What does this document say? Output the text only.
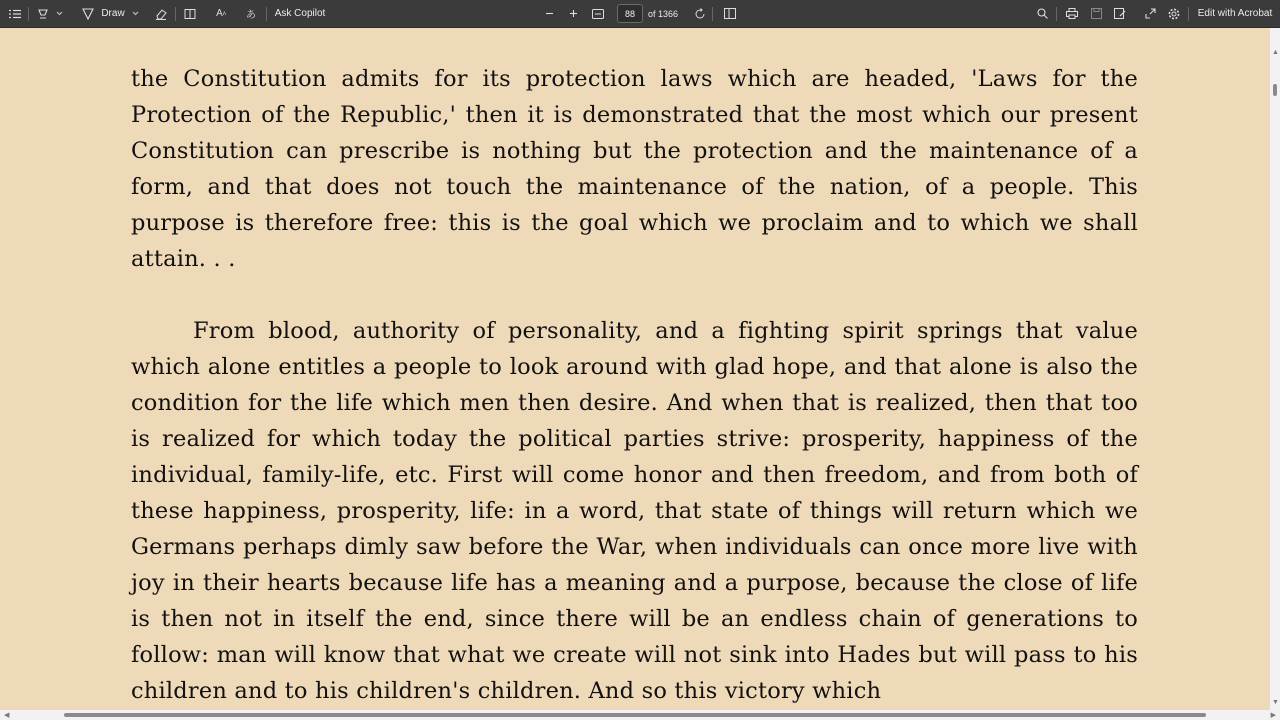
Draw	A ʌ	あ	Ask Copilot	88	of 1366	Edit with Acrobat

the Constitution admits for its protection laws which are headed, 'Laws for the Protection of the Republic,' then it is demonstrated that the most which our present Constitution can prescribe is nothing but the protection and the maintenance of a form, and that does not touch the maintenance of the nation, of a people. This purpose is therefore free: this is the goal which we proclaim and to which we shall attain. . .

From blood, authority of personality, and a fighting spirit springs that value which alone entitles a people to look around with glad hope, and that alone is also the condition for the life which men then desire. And when that is realized, then that too is realized for which today the political parties strive: prosperity, happiness of the individual, family-life, etc. First will come honor and then freedom, and from both of these happiness, prosperity, life: in a word, that state of things will return which we Germans perhaps dimly saw before the War, when individuals can once more live with joy in their hearts because life has a meaning and a purpose, because the close of life is then not in itself the end, since there will be an endless chain of generations to follow: man will know that what we create will not sink into Hades but will pass to his children and to his children's children. And so this victory which

▲
▼
◀	▶
